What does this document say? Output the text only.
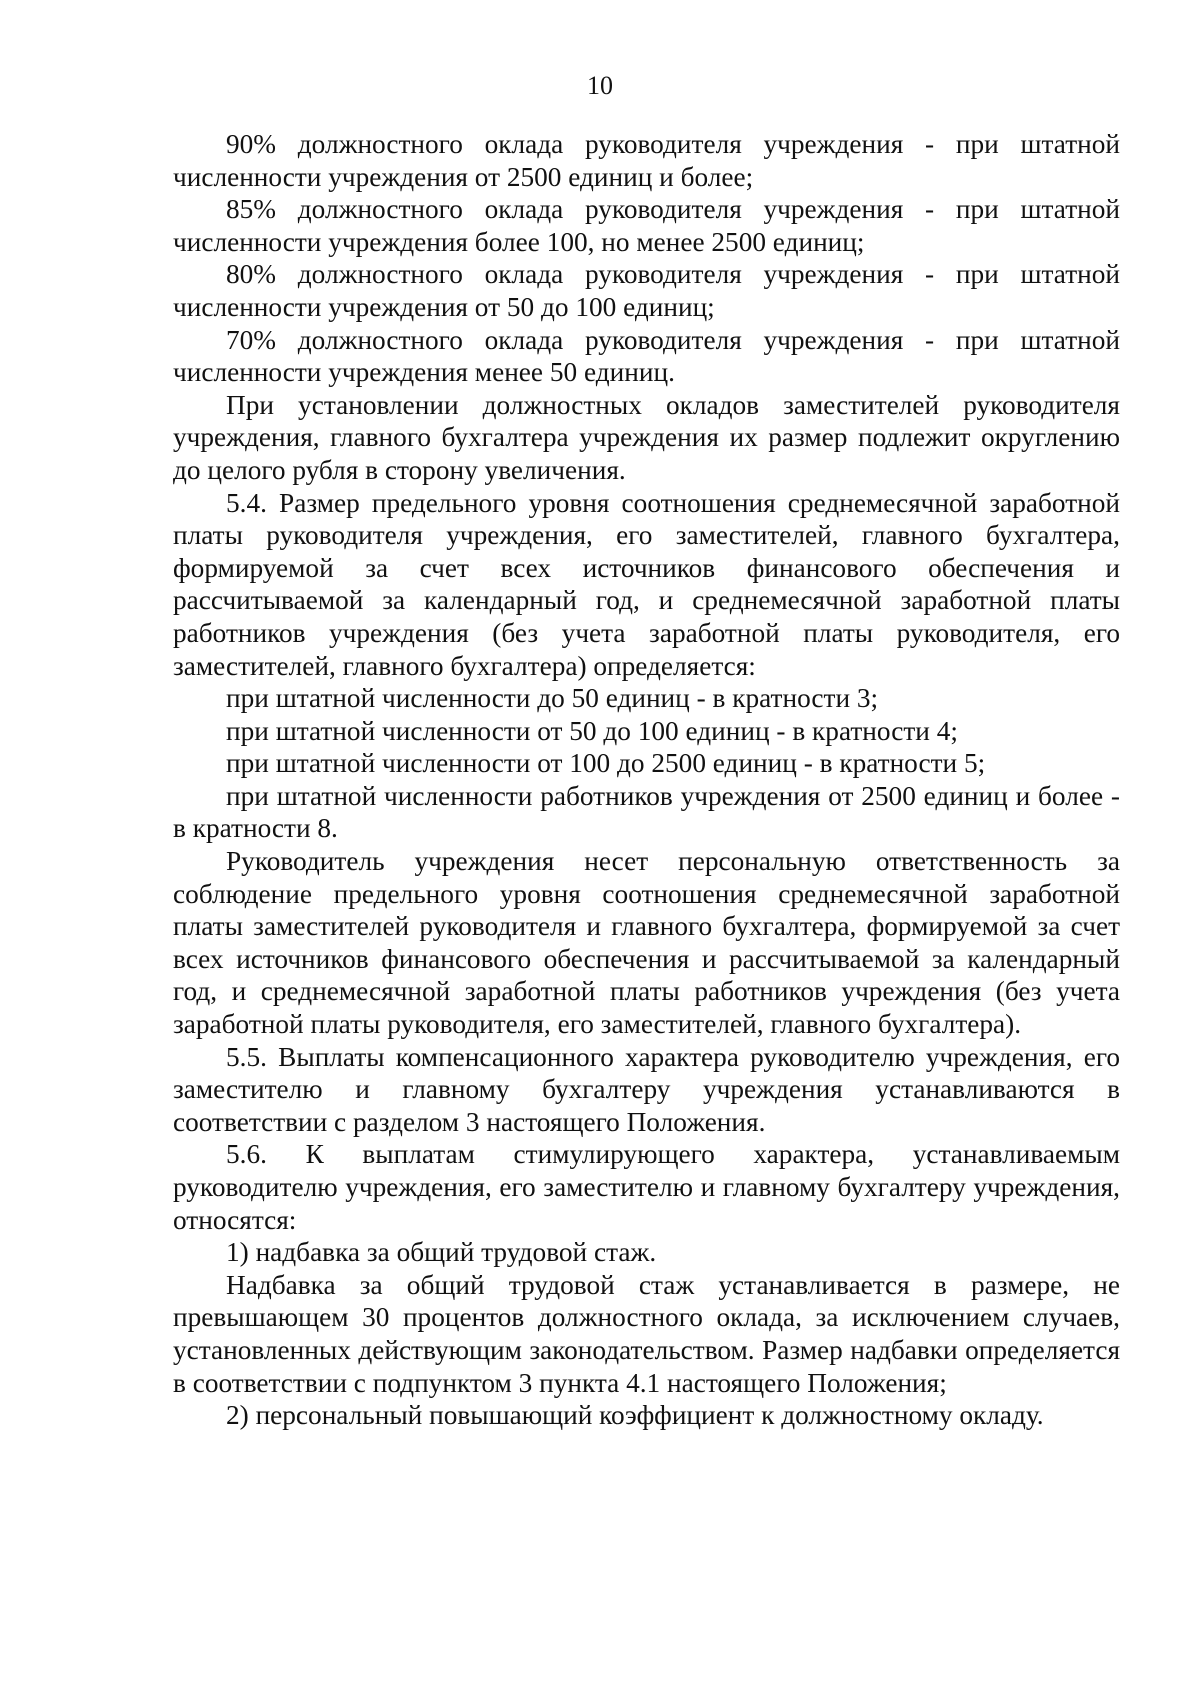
10

90% должностного оклада руководителя учреждения - при штатной численности учреждения от 2500 единиц и более;

85% должностного оклада руководителя учреждения - при штатной численности учреждения более 100, но менее 2500 единиц;

80% должностного оклада руководителя учреждения - при штатной численности учреждения от 50 до 100 единиц;

70% должностного оклада руководителя учреждения - при штатной численности учреждения менее 50 единиц.

При установлении должностных окладов заместителей руководителя учреждения, главного бухгалтера учреждения их размер подлежит округлению до целого рубля в сторону увеличения.

5.4. Размер предельного уровня соотношения среднемесячной заработной платы руководителя учреждения, его заместителей, главного бухгалтера, формируемой за счет всех источников финансового обеспечения и рассчитываемой за календарный год, и среднемесячной заработной платы работников учреждения (без учета заработной платы руководителя, его заместителей, главного бухгалтера) определяется:

при штатной численности до 50 единиц - в кратности 3;

при штатной численности от 50 до 100 единиц - в кратности 4;

при штатной численности от 100 до 2500 единиц - в кратности 5;

при штатной численности работников учреждения от 2500 единиц и более - в кратности 8.

Руководитель учреждения несет персональную ответственность за соблюдение предельного уровня соотношения среднемесячной заработной платы заместителей руководителя и главного бухгалтера, формируемой за счет всех источников финансового обеспечения и рассчитываемой за календарный год, и среднемесячной заработной платы работников учреждения (без учета заработной платы руководителя, его заместителей, главного бухгалтера).

5.5. Выплаты компенсационного характера руководителю учреждения, его заместителю и главному бухгалтеру учреждения устанавливаются в соответствии с разделом 3 настоящего Положения.

5.6. К выплатам стимулирующего характера, устанавливаемым руководителю учреждения, его заместителю и главному бухгалтеру учреждения, относятся:

1) надбавка за общий трудовой стаж.

Надбавка за общий трудовой стаж устанавливается в размере, не превышающем 30 процентов должностного оклада, за исключением случаев, установленных действующим законодательством. Размер надбавки определяется в соответствии с подпунктом 3 пункта 4.1 настоящего Положения;

2) персональный повышающий коэффициент к должностному окладу.
